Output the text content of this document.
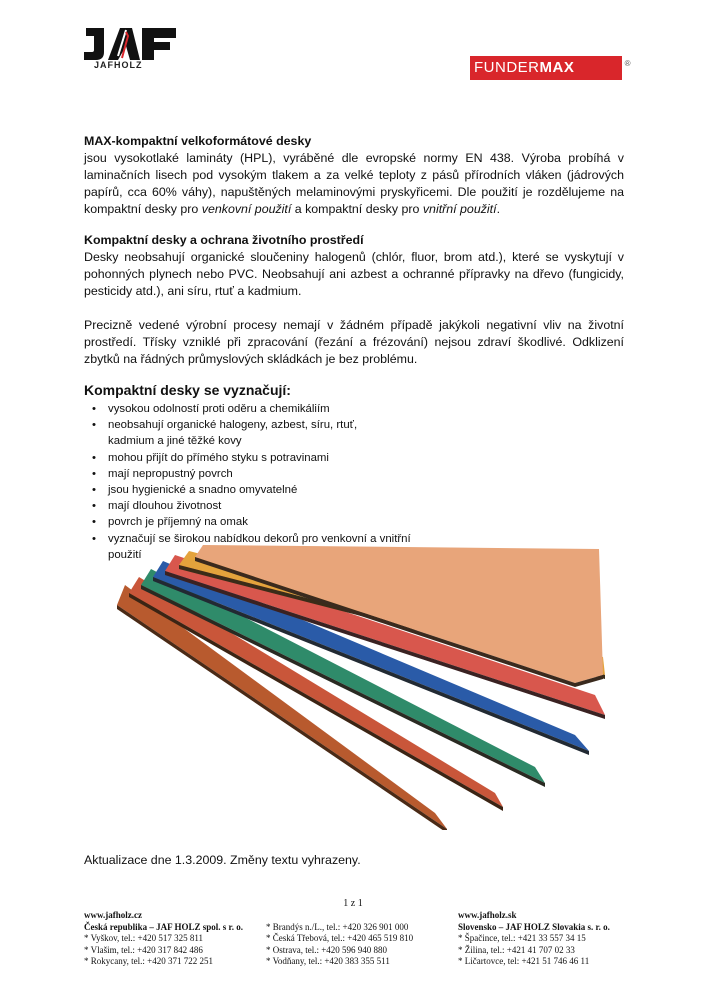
JAFHOLZ	FUNDERMAX	®
MAX-kompaktní velkoformátové desky
jsou vysokotlaké lamináty (HPL), vyráběné dle evropské normy EN 438. Výroba probíhá v laminačních lisech pod vysokým tlakem a za velké teploty z pásů přírodních vláken (jádrových papírů, cca 60% váhy), napuštěných melaminovými pryskyřicemi. Dle použití je rozdělujeme na kompaktní desky pro venkovní použití a kompaktní desky pro vnitřní použití.
Kompaktní desky a ochrana životního prostředí
Desky neobsahují organické sloučeniny halogenů (chlór, fluor, brom atd.), které se vyskytují v pohonných plynech nebo PVC. Neobsahují ani azbest a ochranné přípravky na dřevo (fungicidy, pesticidy atd.), ani síru, rtuť a kadmium.
Precizně vedené výrobní procesy nemají v žádném případě jakýkoli negativní vliv na životní prostředí. Třísky vzniklé při zpracování (řezání a frézování) nejsou zdraví škodlivé. Odklizení zbytků na řádných průmyslových skládkách je bez problému.
Kompaktní desky se vyznačují:
• vysokou odolností proti oděru a chemikáliím
• neobsahují organické halogeny, azbest, síru, rtuť, kadmium a jiné těžké kovy
• mohou přijít do přímého styku s potravinami
• mají nepropustný povrch
• jsou hygienické a snadno omyvatelné
• mají dlouhou životnost
• povrch je příjemný na omak
• vyznačují se širokou nabídkou dekorů pro venkovní a vnitřní použití
Aktualizace dne 1.3.2009. Změny textu vyhrazeny.
1 z 1
www.jafholz.cz
Česká republika – JAF HOLZ spol. s r. o.
* Vyškov, tel.: +420 517 325 811
* Vlašim, tel.: +420 317 842 486
* Rokycany, tel.: +420 371 722 251
* Brandýs n./L., tel.: +420 326 901 000
* Česká Třebová, tel.: +420 465 519 810
* Ostrava, tel.: +420 596 940 880
* Vodňany, tel.: +420 383 355 511
www.jafholz.sk
Slovensko – JAF HOLZ Slovakia s. r. o.
* Špačince, tel.: +421 33 557 34 15
* Žilina, tel.: +421 41 707 02 33
* Ličartovce, tel: +421 51 746 46 11
